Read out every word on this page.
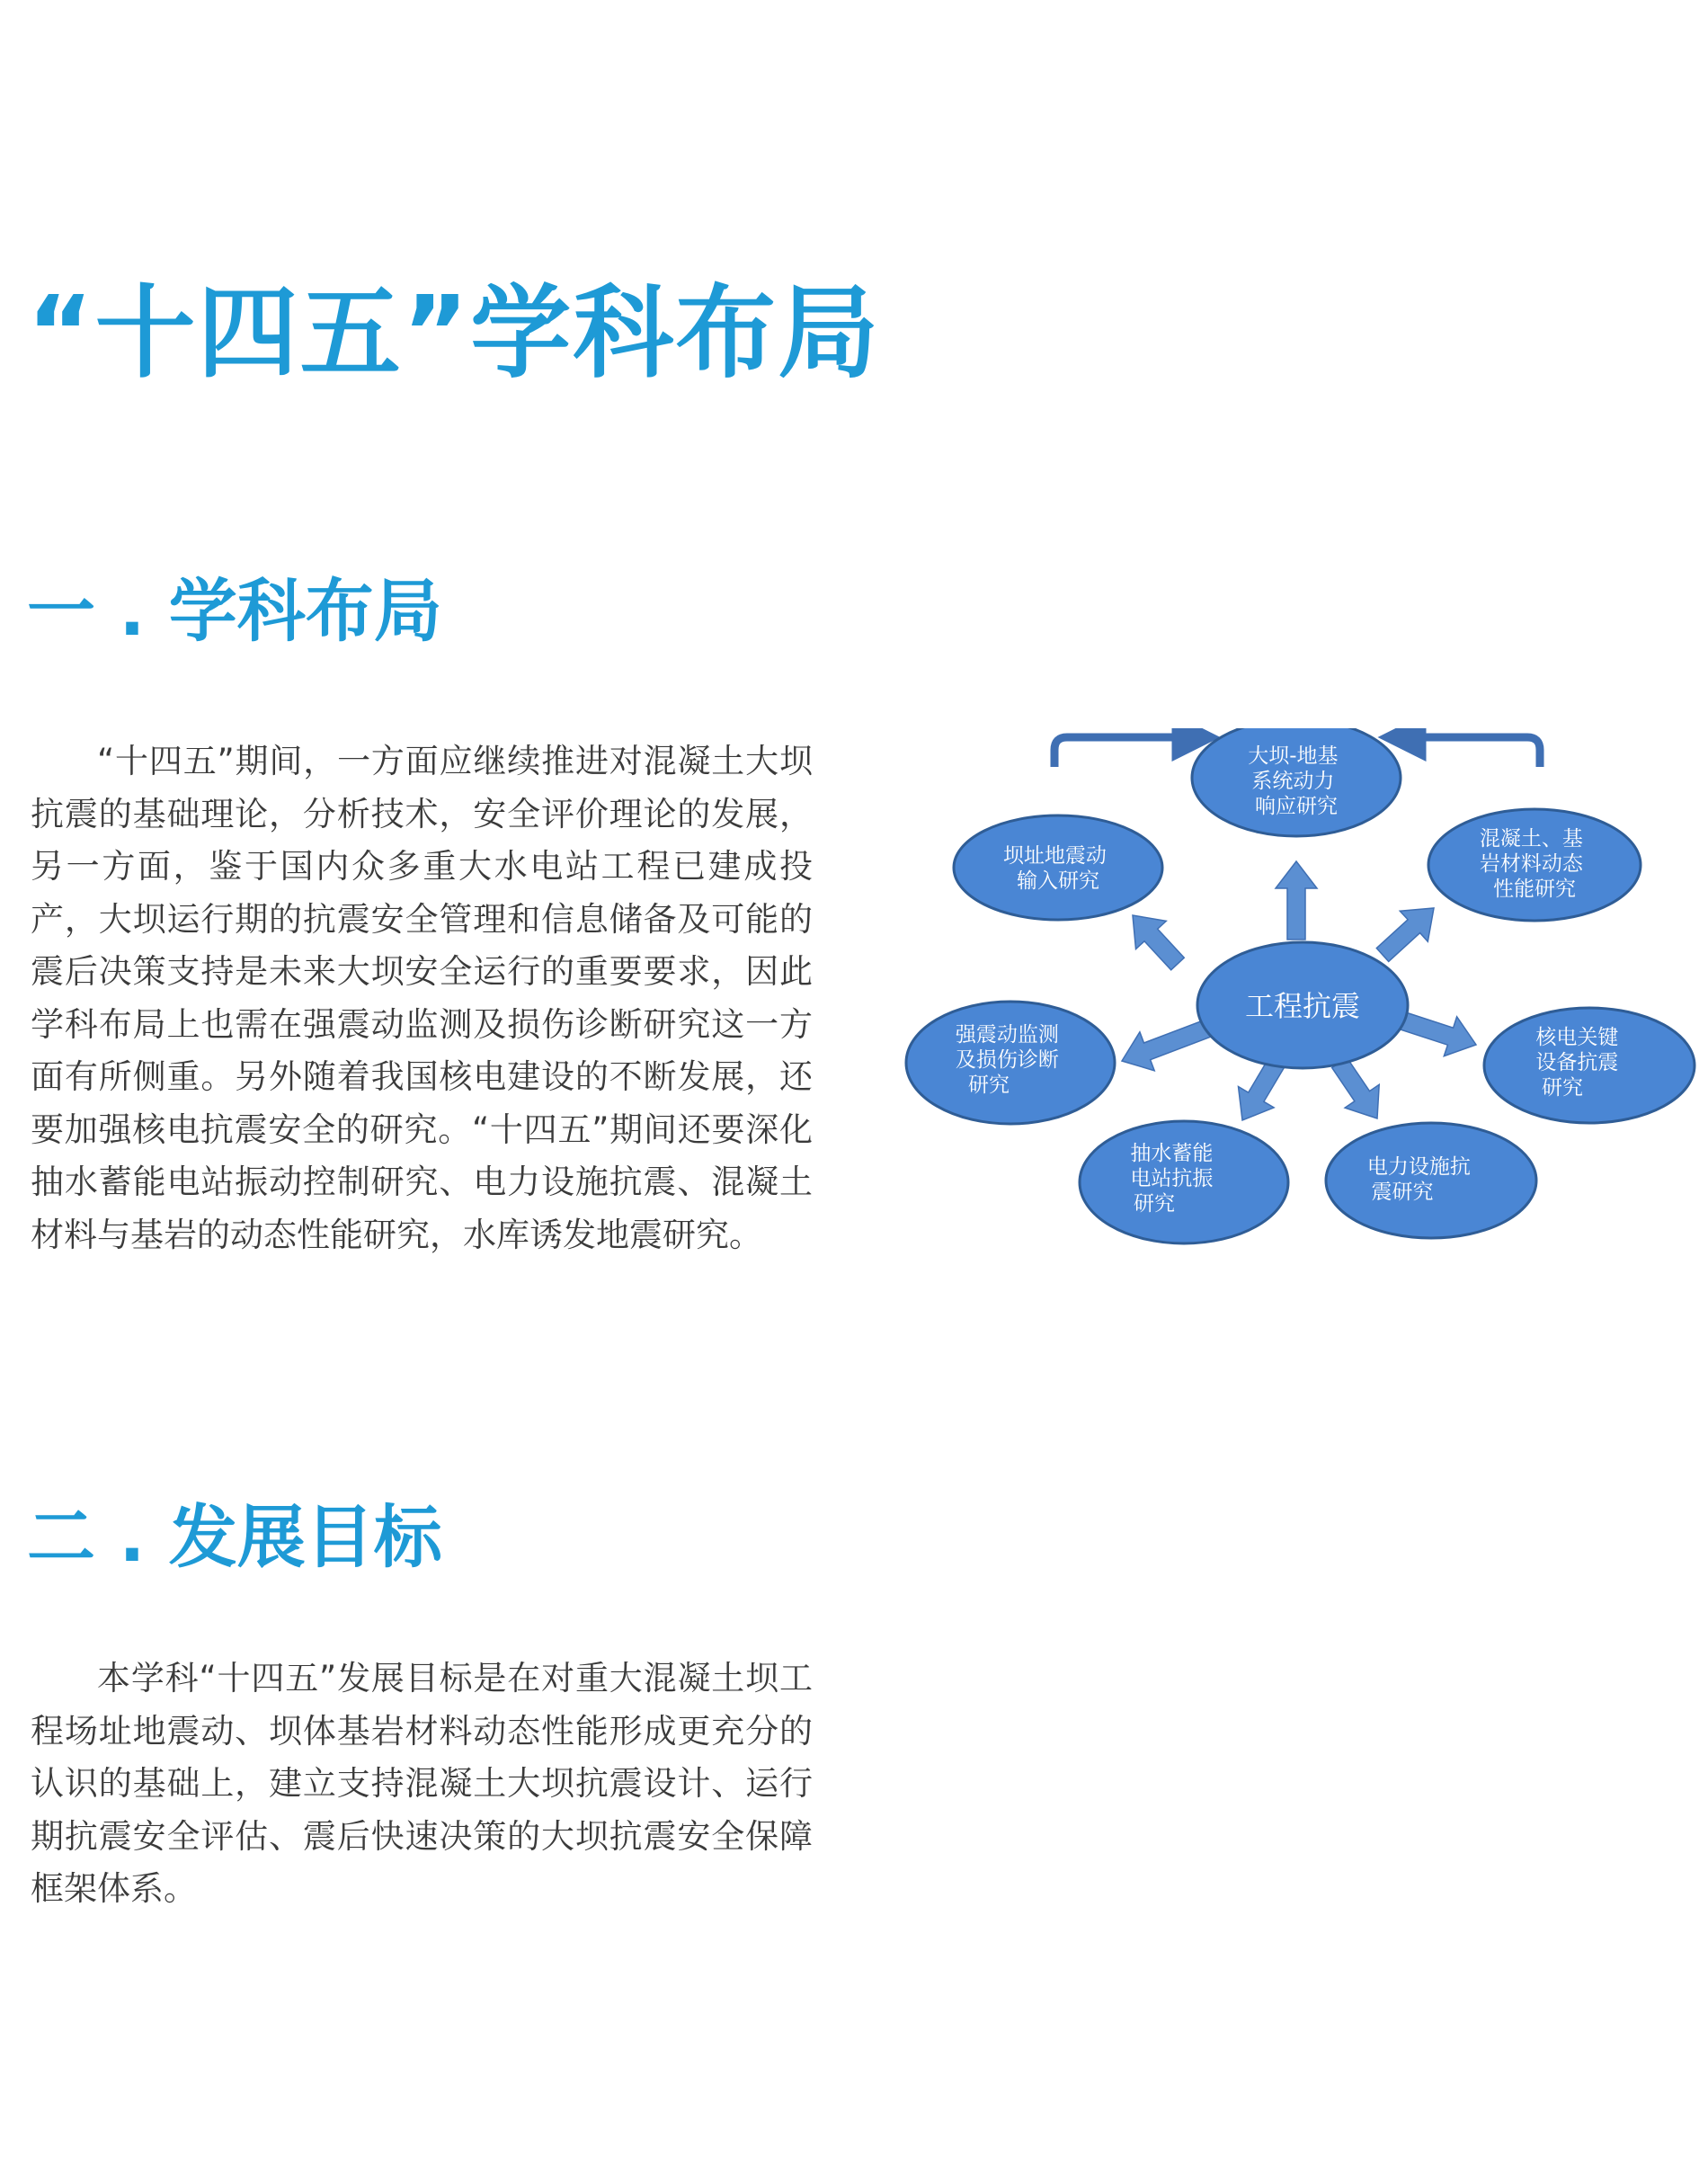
“十四五”学科布局
一 . 学科布局

“十四五”期间，一方面应继续推进对混凝土大坝抗震的基础理论，分析技术，安全评价理论的发展，另一方面，鉴于国内众多重大水电站工程已建成投产，大坝运行期的抗震安全管理和信息储备及可能的震后决策支持是未来大坝安全运行的重要要求，因此学科布局上也需在强震动监测及损伤诊断研究这一方面有所侧重。另外随着我国核电建设的不断发展，还要加强核电抗震安全的研究。“十四五”期间还要深化抽水蓄能电站振动控制研究、电力设施抗震、混凝土材料与基岩的动态性能研究，水库诱发地震研究。

大坝-地基 系统动力 响应研究
坝址地震动 输入研究
混凝土、基 岩材料动态 性能研究
工程抗震
强震动监测 及损伤诊断 研究
核电关键 设备抗震 研究
抽水蓄能 电站抗振 研究
电力设施抗 震研究
二 . 发展目标

本学科“十四五”发展目标是在对重大混凝土坝工程场址地震动、坝体基岩材料动态性能形成更充分的认识的基础上，建立支持混凝土大坝抗震设计、运行期抗震安全评估、震后快速决策的大坝抗震安全保障框架体系。
